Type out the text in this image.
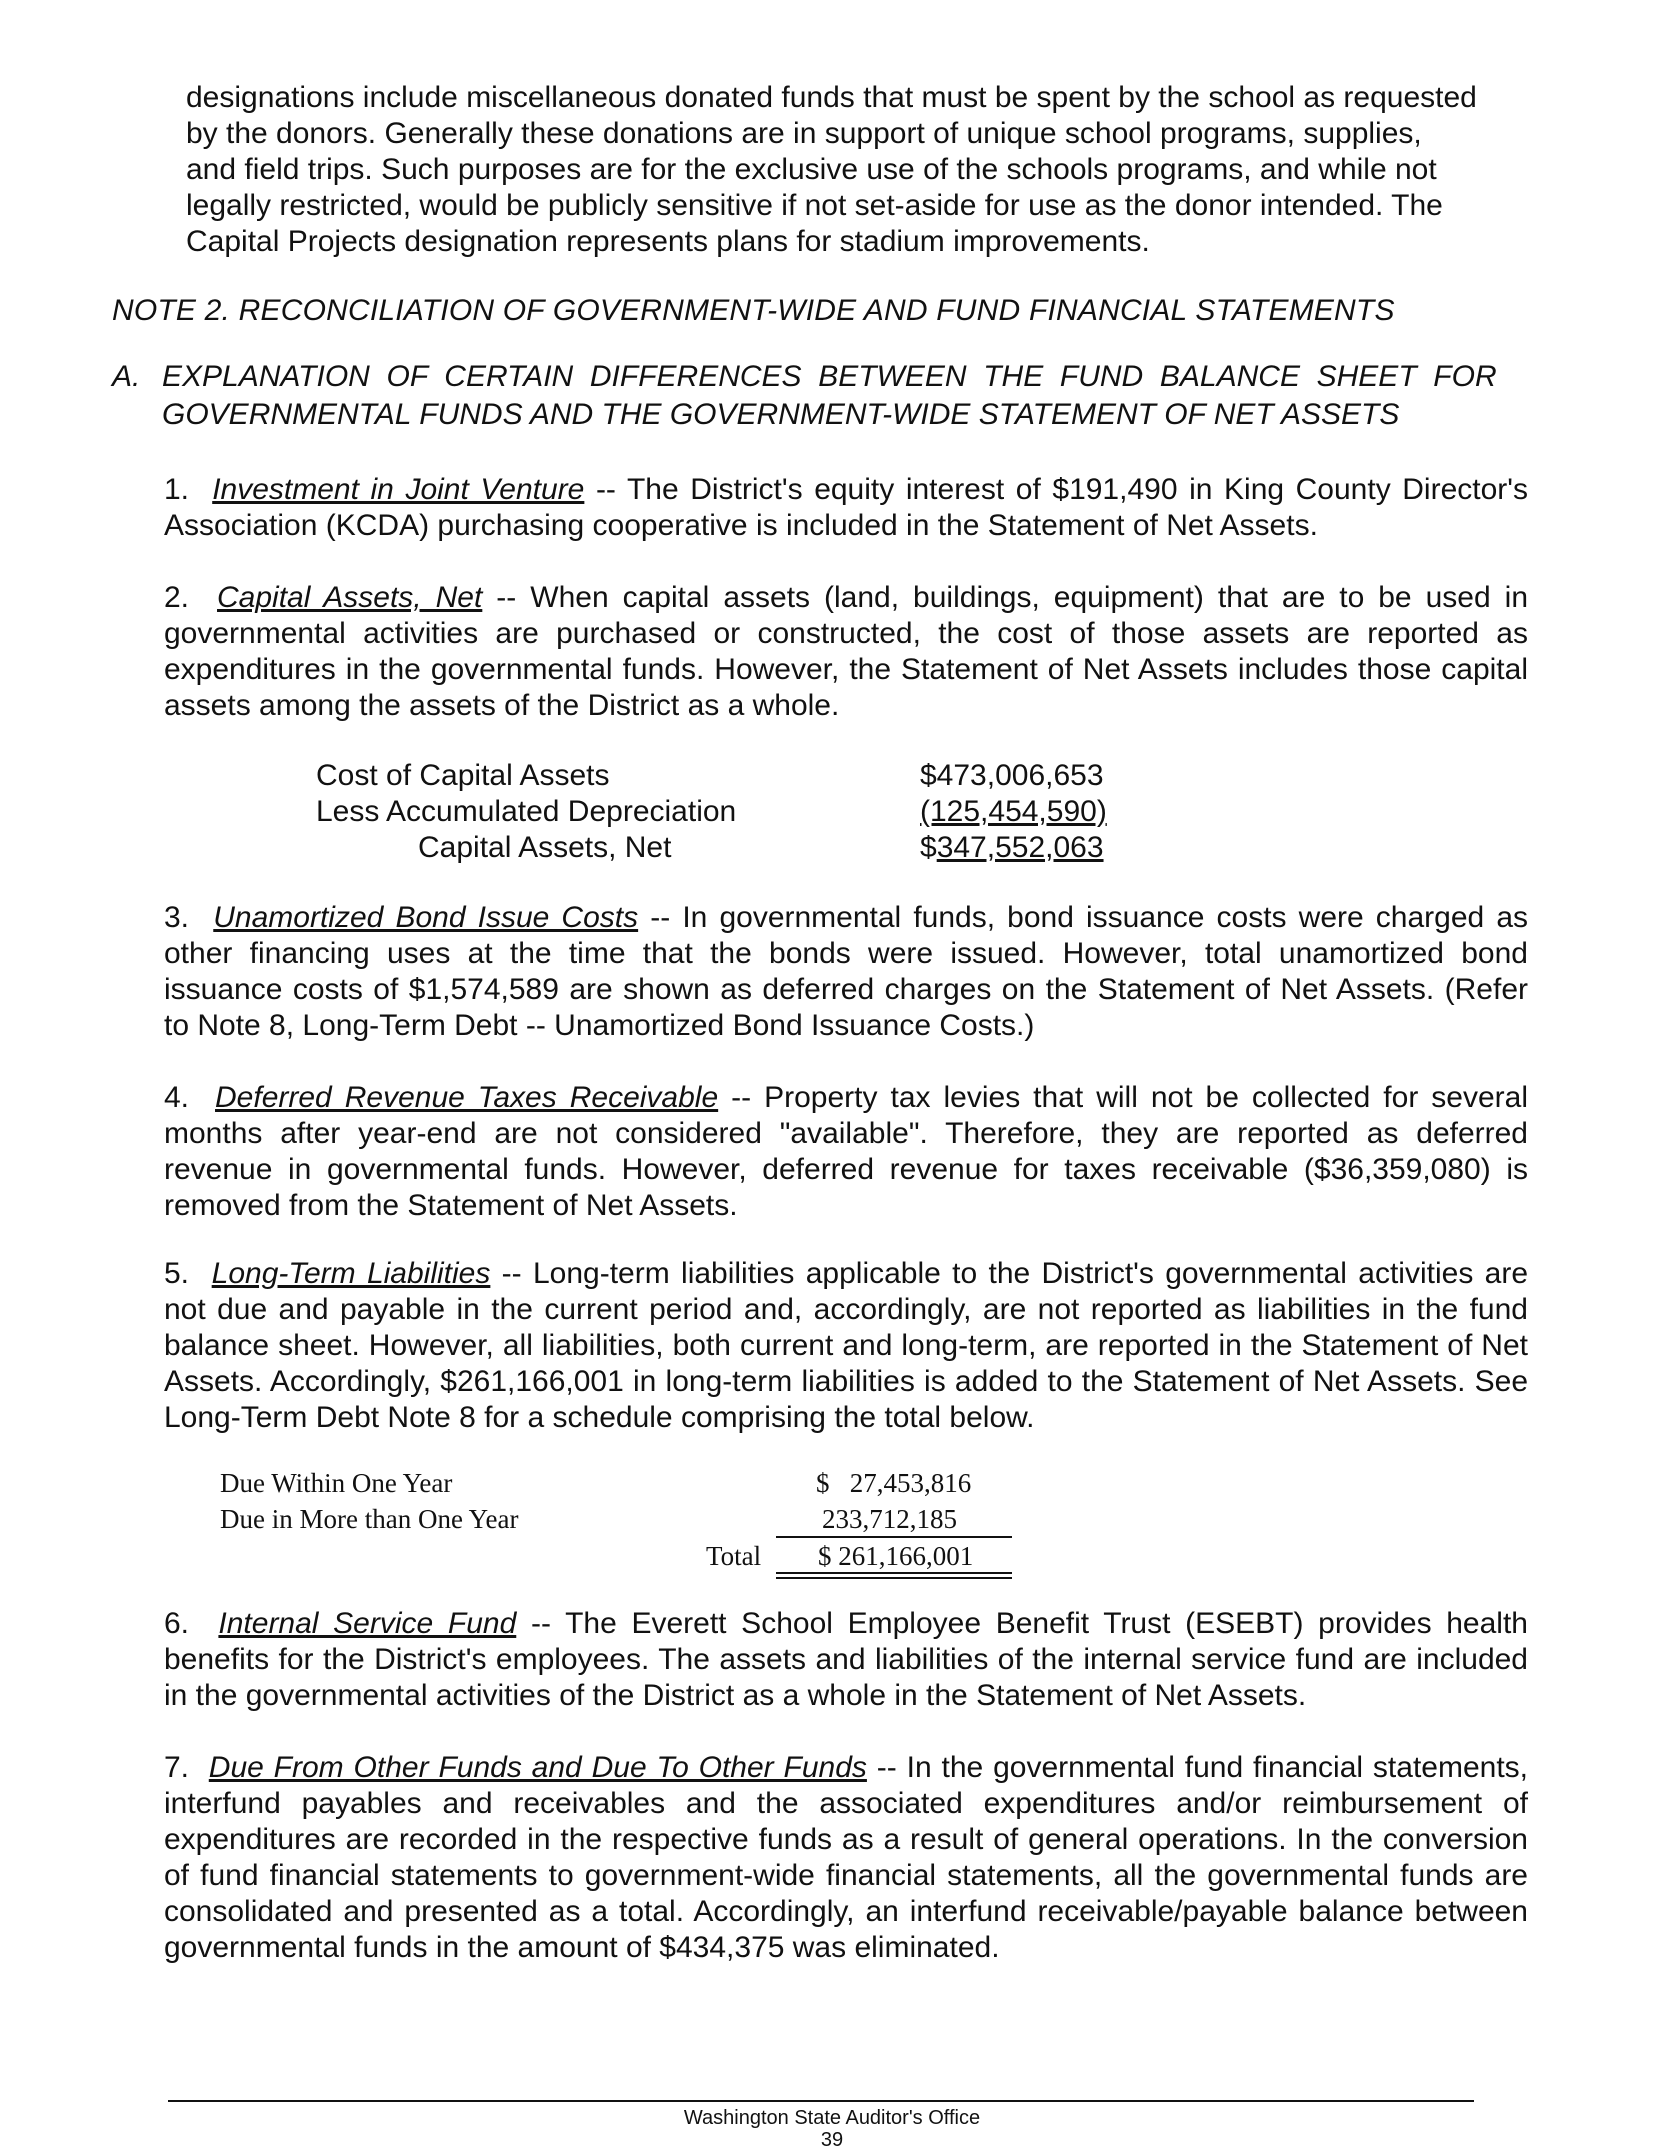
designations include miscellaneous donated funds that must be spent by the school as requested
by the donors. Generally these donations are in support of unique school programs, supplies,
and field trips. Such purposes are for the exclusive use of the schools programs, and while not
legally restricted, would be publicly sensitive if not set-aside for use as the donor intended. The
Capital Projects designation represents plans for stadium improvements.
NOTE 2. RECONCILIATION OF GOVERNMENT-WIDE AND FUND FINANCIAL STATEMENTS
A. EXPLANATION  OF  CERTAIN  DIFFERENCES  BETWEEN  THE  FUND  BALANCE  SHEET  FOR
GOVERNMENTAL FUNDS AND THE GOVERNMENT-WIDE STATEMENT OF NET ASSETS

1. Investment in Joint Venture -- The District's equity interest of $191,490 in King County Director's Association (KCDA) purchasing cooperative is included in the Statement of Net Assets.

2. Capital Assets, Net -- When capital assets (land, buildings, equipment) that are to be used in governmental activities are purchased or constructed, the cost of those assets are reported as expenditures in the governmental funds. However, the Statement of Net Assets includes those capital assets among the assets of the District as a whole.

Cost of Capital Assets	$473,006,653
Less Accumulated Depreciation	(125,454,590)
Capital Assets, Net	$347,552,063

3. Unamortized Bond Issue Costs -- In governmental funds, bond issuance costs were charged as other financing uses at the time that the bonds were issued. However, total unamortized bond issuance costs of $1,574,589 are shown as deferred charges on the Statement of Net Assets. (Refer to Note 8, Long-Term Debt -- Unamortized Bond Issuance Costs.)

4. Deferred Revenue Taxes Receivable -- Property tax levies that will not be collected for several months after year-end are not considered "available". Therefore, they are reported as deferred revenue in governmental funds. However, deferred revenue for taxes receivable ($36,359,080) is removed from the Statement of Net Assets.

5. Long-Term Liabilities -- Long-term liabilities applicable to the District's governmental activities are not due and payable in the current period and, accordingly, are not reported as liabilities in the fund balance sheet. However, all liabilities, both current and long-term, are reported in the Statement of Net Assets. Accordingly, $261,166,001 in long-term liabilities is added to the Statement of Net Assets. See Long-Term Debt Note 8 for a schedule comprising the total below.

Due Within One Year	$   27,453,816
Due in More than One Year	233,712,185
Total $ 261,166,001

6. Internal Service Fund -- The Everett School Employee Benefit Trust (ESEBT) provides health benefits for the District's employees. The assets and liabilities of the internal service fund are included in the governmental activities of the District as a whole in the Statement of Net Assets.

7. Due From Other Funds and Due To Other Funds -- In the governmental fund financial statements, interfund payables and receivables and the associated expenditures and/or reimbursement of expenditures are recorded in the respective funds as a result of general operations. In the conversion of fund financial statements to government-wide financial statements, all the governmental funds are consolidated and presented as a total. Accordingly, an interfund receivable/payable balance between governmental funds in the amount of $434,375 was eliminated.

Washington State Auditor's Office
39
